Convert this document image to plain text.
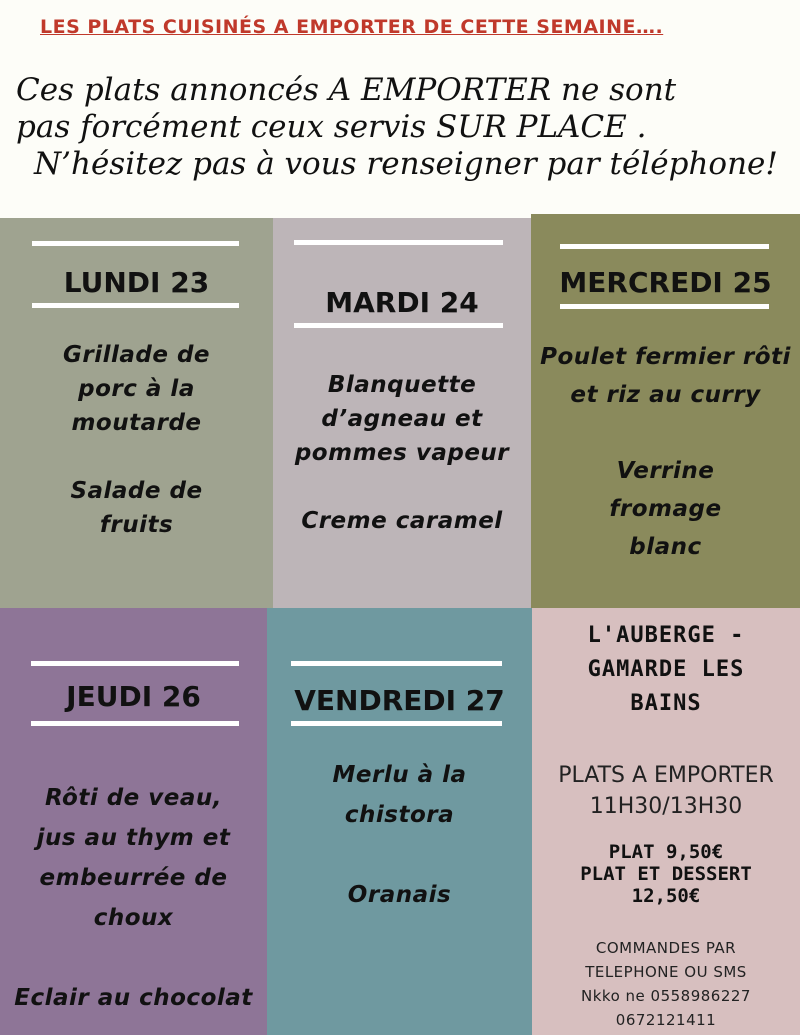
LES PLATS CUISINÉS A EMPORTER DE CETTE SEMAINE….
Ces plats annoncés A EMPORTER ne sont
pas forcément ceux servis SUR PLACE .
N’hésitez pas à vous renseigner par téléphone!
LUNDI 23
Grillade de porc à la moutarde
Salade de fruits
MARDI 24
Blanquette d’agneau et pommes vapeur
Creme caramel
MERCREDI 25
Poulet fermier rôti et riz au curry
Verrine fromage blanc
JEUDI 26
Rôti de veau, jus au thym et embeurrée de choux
Eclair au chocolat
VENDREDI 27
Merlu à la chistora
Oranais
L'AUBERGE -
GAMARDE LES
BAINS
PLATS A EMPORTER
11H30/13H30
PLAT 9,50€
PLAT ET DESSERT
12,50€
COMMANDES PAR
TELEPHONE OU SMS
Nkko ne 0558986227
0672121411
